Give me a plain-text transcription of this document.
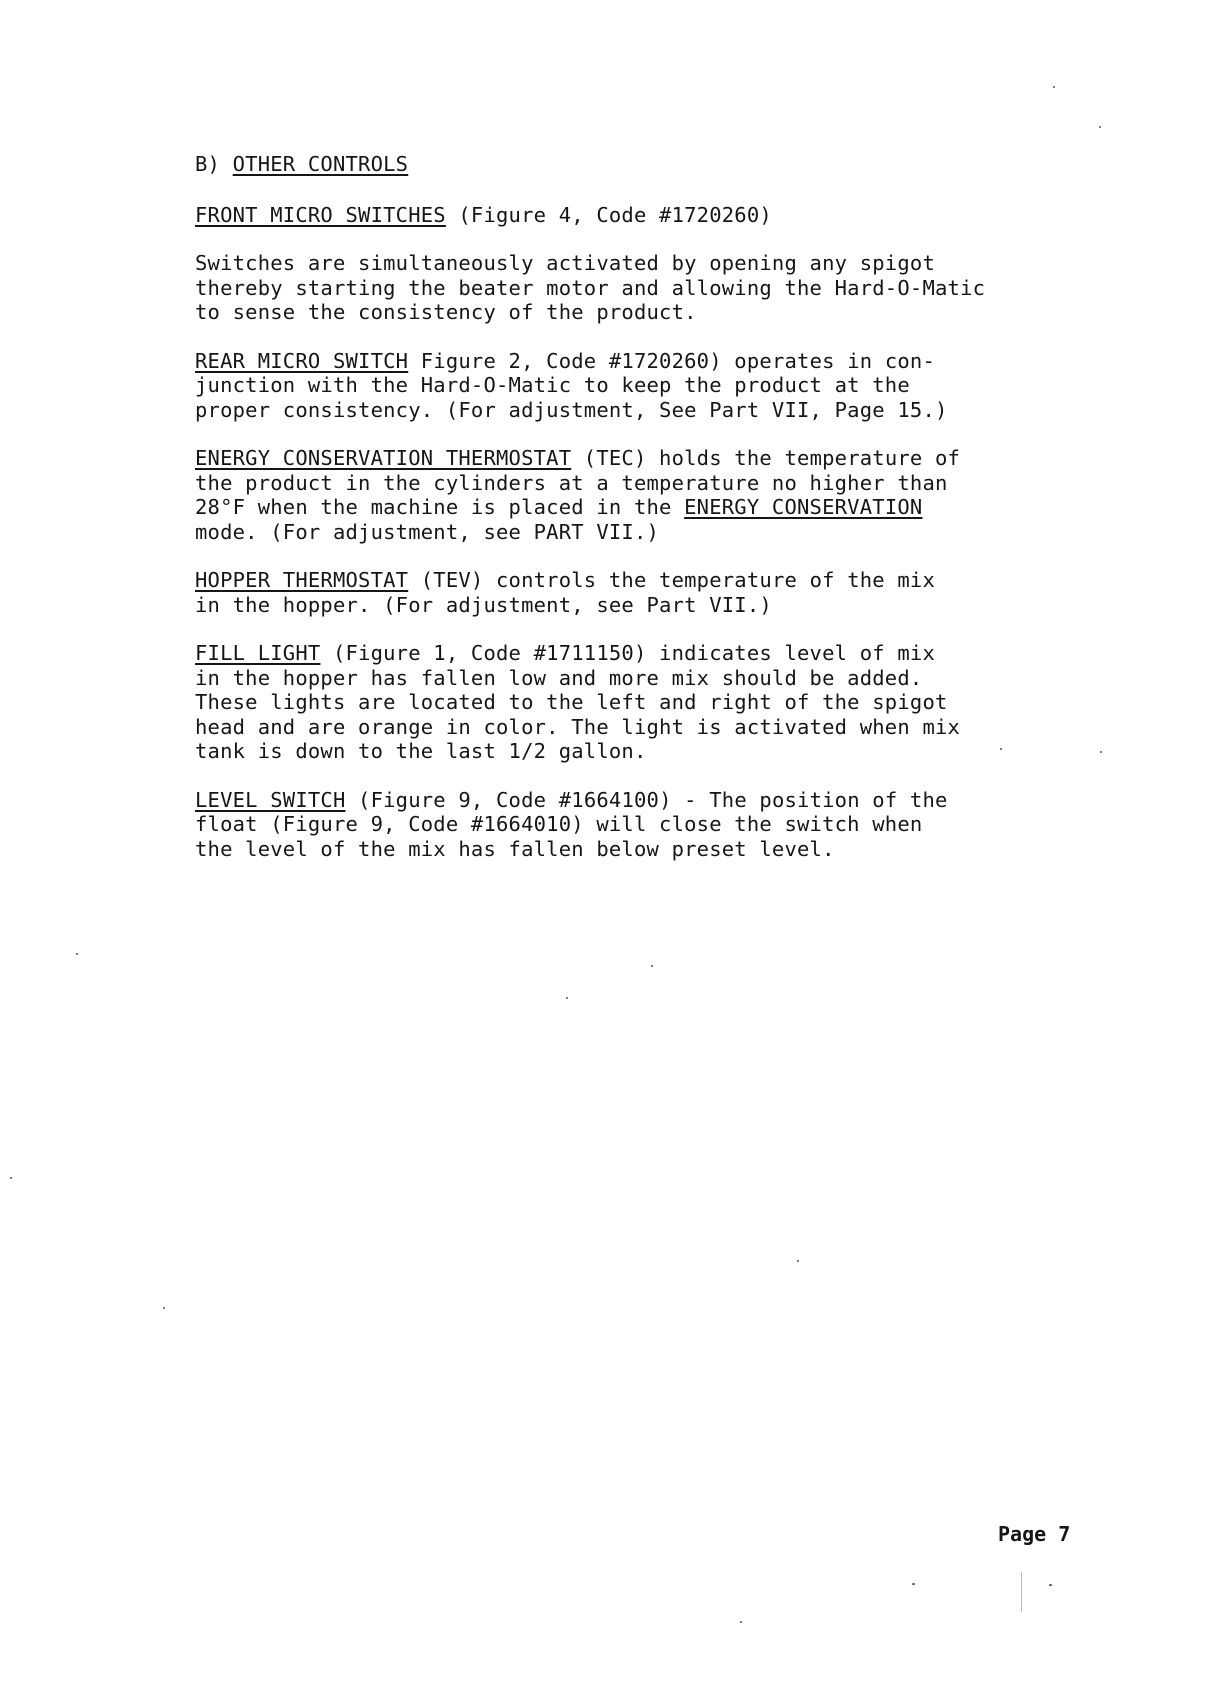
B) OTHER CONTROLS
FRONT MICRO SWITCHES (Figure 4, Code #1720260)
Switches are simultaneously activated by opening any spigot
thereby starting the beater motor and allowing the Hard-O-Matic
to sense the consistency of the product.
REAR MICRO SWITCH Figure 2, Code #1720260) operates in con-
junction with the Hard-O-Matic to keep the product at the
proper consistency. (For adjustment, See Part VII, Page 15.)
ENERGY CONSERVATION THERMOSTAT (TEC) holds the temperature of
the product in the cylinders at a temperature no higher than
28°F when the machine is placed in the ENERGY CONSERVATION
mode. (For adjustment, see PART VII.)
HOPPER THERMOSTAT (TEV) controls the temperature of the mix
in the hopper. (For adjustment, see Part VII.)
FILL LIGHT (Figure 1, Code #1711150) indicates level of mix
in the hopper has fallen low and more mix should be added.
These lights are located to the left and right of the spigot
head and are orange in color. The light is activated when mix
tank is down to the last 1/2 gallon.
LEVEL SWITCH (Figure 9, Code #1664100) - The position of the
float (Figure 9, Code #1664010) will close the switch when
the level of the mix has fallen below preset level.
Page 7
